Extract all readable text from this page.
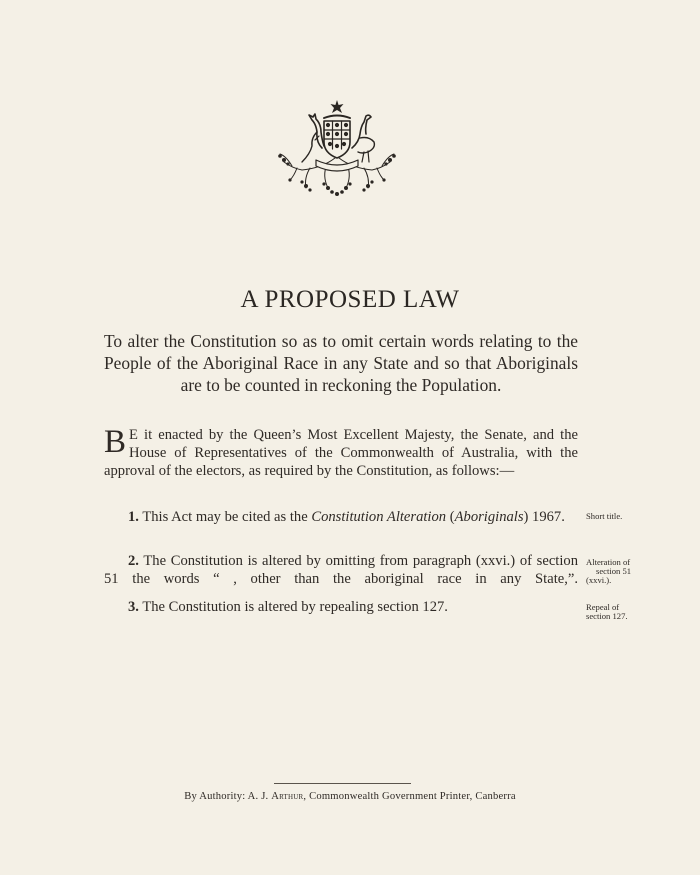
A PROPOSED LAW
To alter the Constitution so as to omit certain words relating to the People of the Aboriginal Race in any State and so that Aboriginals are to be counted in reckoning the Population.
B E it enacted by the Queen’s Most Excellent Majesty, the Senate, and the House of Representatives of the Commonwealth of Australia, with the approval of the electors, as required by the Constitution, as follows:—
1. This Act may be cited as the Constitution Alteration (Aboriginals) 1967.	Short title.
2. The Constitution is altered by omitting from paragraph (xxvi.) of section 51 the words “ , other than the aboriginal race in any State,”.
Alteration of
section 51
(xxvi.).
3. The Constitution is altered by repealing section 127.	Repeal of
section 127.
By Authority: A. J. Arthur, Commonwealth Government Printer, Canberra
